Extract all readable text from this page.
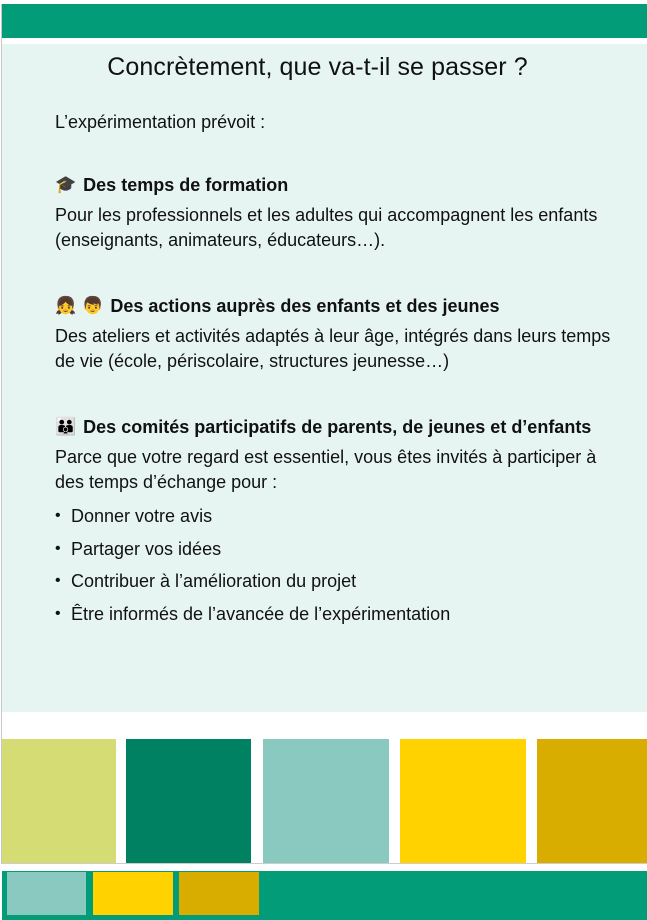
Concrètement, que va-t-il se passer ?

L’expérimentation prévoit :

🎓 Des temps de formation

Pour les professionnels et les adultes qui accompagnent les enfants (enseignants, animateurs, éducateurs…).

👧 👦 Des actions auprès des enfants et des jeunes

Des ateliers et activités adaptés à leur âge, intégrés dans leurs temps de vie (école, périscolaire, structures jeunesse…)

👪 Des comités participatifs de parents, de jeunes et d’enfants

Parce que votre regard est essentiel, vous êtes invités à participer à des temps d’échange pour :

• Donner votre avis
• Partager vos idées
• Contribuer à l’amélioration du projet
• Être informés de l’avancée de l’expérimentation
